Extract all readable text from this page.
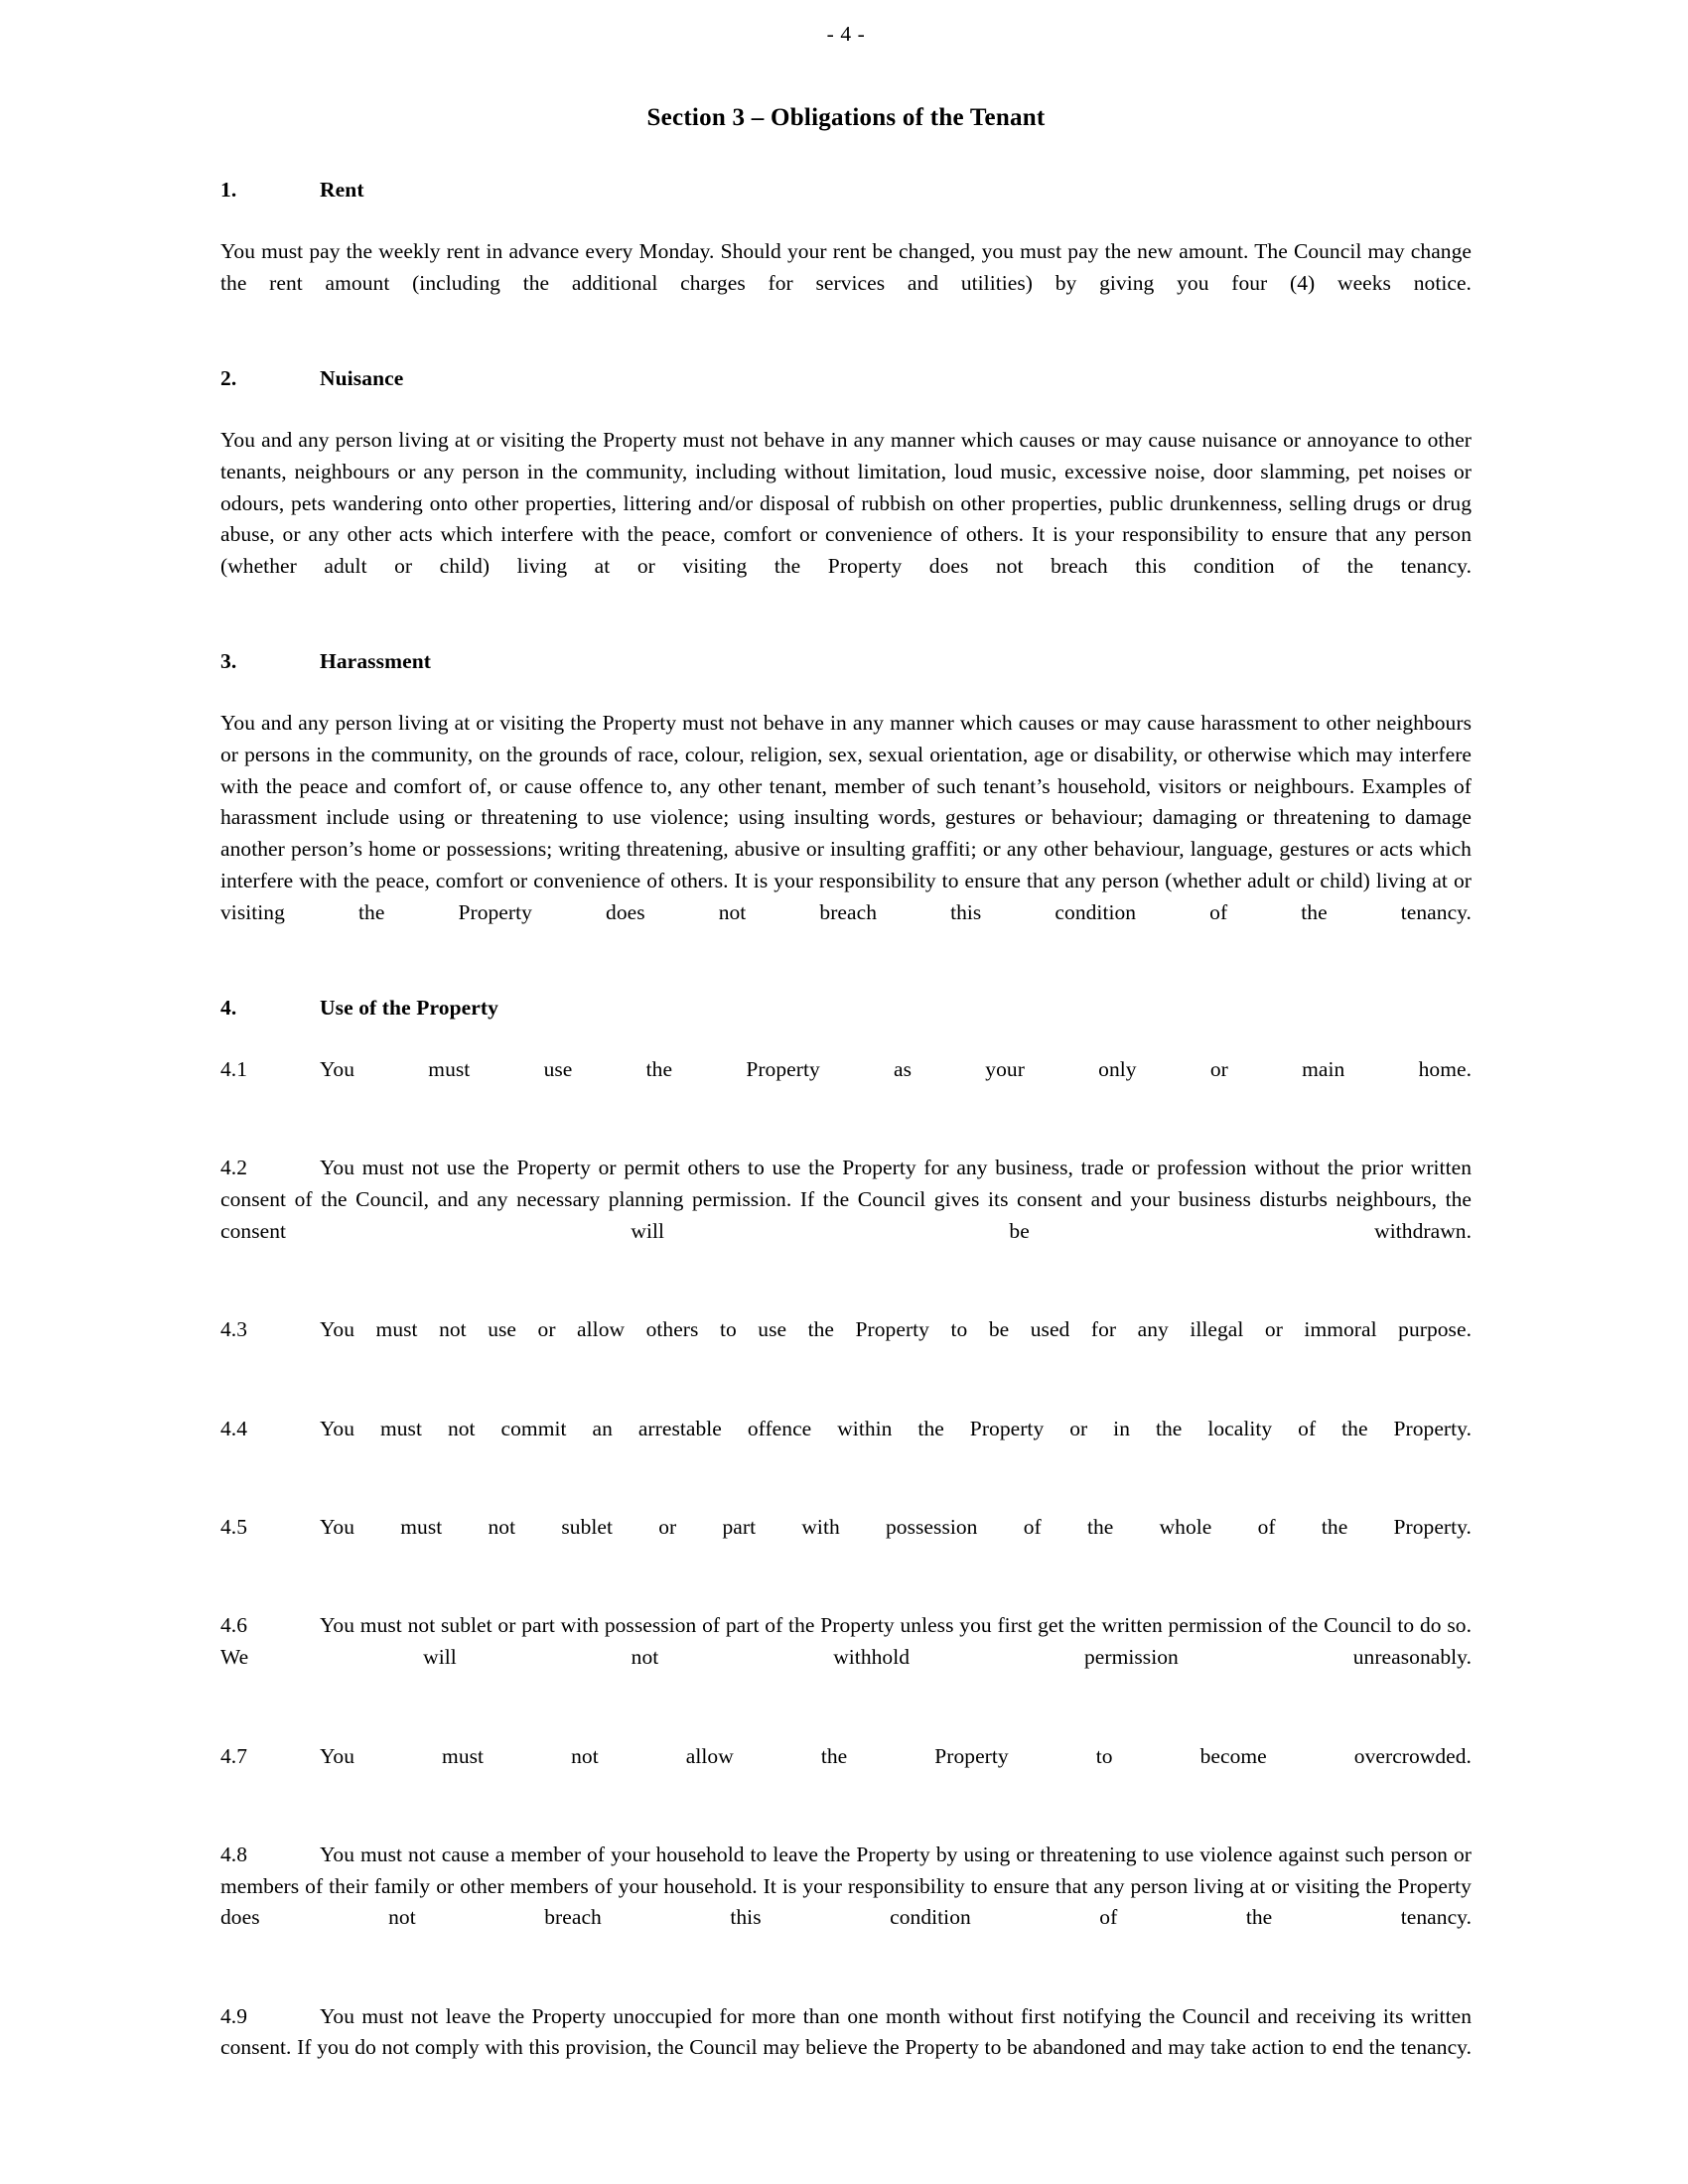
- 4 -
Section 3 – Obligations of the Tenant
1.	Rent

You must pay the weekly rent in advance every Monday. Should your rent be changed, you must pay the new amount. The Council may change the rent amount (including the additional charges for services and utilities) by giving you four (4) weeks notice.

2.	Nuisance

You and any person living at or visiting the Property must not behave in any manner which causes or may cause nuisance or annoyance to other tenants, neighbours or any person in the community, including without limitation, loud music, excessive noise, door slamming, pet noises or odours, pets wandering onto other properties, littering and/or disposal of rubbish on other properties, public drunkenness, selling drugs or drug abuse, or any other acts which interfere with the peace, comfort or convenience of others. It is your responsibility to ensure that any person (whether adult or child) living at or visiting the Property does not breach this condition of the tenancy.

3.	Harassment

You and any person living at or visiting the Property must not behave in any manner which causes or may cause harassment to other neighbours or persons in the community, on the grounds of race, colour, religion, sex, sexual orientation, age or disability, or otherwise which may interfere with the peace and comfort of, or cause offence to, any other tenant, member of such tenant’s household, visitors or neighbours. Examples of harassment include using or threatening to use violence; using insulting words, gestures or behaviour; damaging or threatening to damage another person’s home or possessions; writing threatening, abusive or insulting graffiti; or any other behaviour, language, gestures or acts which interfere with the peace, comfort or convenience of others. It is your responsibility to ensure that any person (whether adult or child) living at or visiting the Property does not breach this condition of the tenancy.

4.	Use of the Property

4.1	You must use the Property as your only or main home.

4.2	You must not use the Property or permit others to use the Property for any business, trade or profession without the prior written consent of the Council, and any necessary planning permission. If the Council gives its consent and your business disturbs neighbours, the consent will be withdrawn.

4.3	You must not use or allow others to use the Property to be used for any illegal or immoral purpose.

4.4	You must not commit an arrestable offence within the Property or in the locality of the Property.

4.5	You must not sublet or part with possession of the whole of the Property.

4.6	You must not sublet or part with possession of part of the Property unless you first get the written permission of the Council to do so. We will not withhold permission unreasonably.

4.7	You must not allow the Property to become overcrowded.

4.8	You must not cause a member of your household to leave the Property by using or threatening to use violence against such person or members of their family or other members of your household. It is your responsibility to ensure that any person living at or visiting the Property does not breach this condition of the tenancy.

4.9	You must not leave the Property unoccupied for more than one month without first notifying the Council and receiving its written consent. If you do not comply with this provision, the Council may believe the Property to be abandoned and may take action to end the tenancy.
